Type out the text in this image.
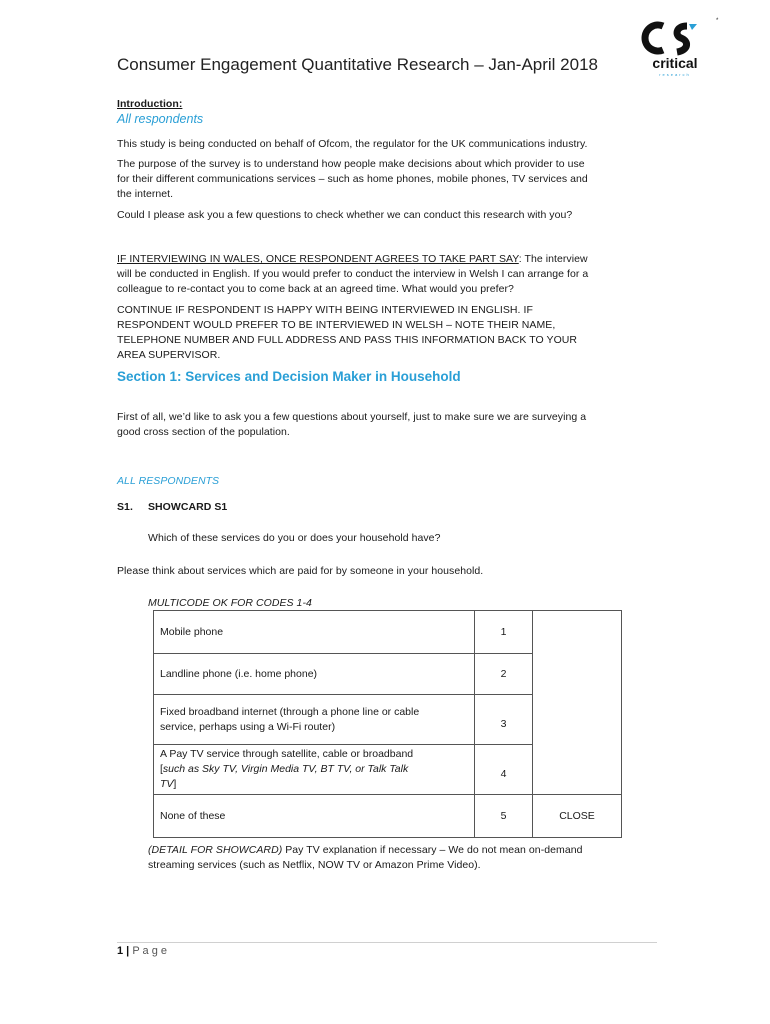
*
critical
research
Consumer Engagement Quantitative Research – Jan-April 2018
Introduction:
All respondents
This study is being conducted on behalf of Ofcom, the regulator for the UK communications industry.
The purpose of the survey is to understand how people make decisions about which provider to use
for their different communications services – such as home phones, mobile phones, TV services and
the internet.
Could I please ask you a few questions to check whether we can conduct this research with you?
IF INTERVIEWING IN WALES, ONCE RESPONDENT AGREES TO TAKE PART SAY: The interview
will be conducted in English. If you would prefer to conduct the interview in Welsh I can arrange for a
colleague to re-contact you to come back at an agreed time. What would you prefer?
CONTINUE IF RESPONDENT IS HAPPY WITH BEING INTERVIEWED IN ENGLISH. IF
RESPONDENT WOULD PREFER TO BE INTERVIEWED IN WELSH – NOTE THEIR NAME,
TELEPHONE NUMBER AND FULL ADDRESS AND PASS THIS INFORMATION BACK TO YOUR
AREA SUPERVISOR.
Section 1: Services and Decision Maker in Household
First of all, we’d like to ask you a few questions about yourself, just to make sure we are surveying a
good cross section of the population.
ALL RESPONDENTS
S1. SHOWCARD S1
Which of these services do you or does your household have?
Please think about services which are paid for by someone in your household.
MULTICODE OK FOR CODES 1-4
Mobile phone	1	
Landline phone (i.e. home phone)	2	

Fixed broadband internet (through a phone line or cable
service, perhaps using a Wi-Fi router)	3	

A Pay TV service through satellite, cable or broadband
[such as Sky TV, Virgin Media TV, BT TV, or Talk Talk
TV]	4	
None of these	5	CLOSE
(DETAIL FOR SHOWCARD) Pay TV explanation if necessary – We do not mean on-demand
streaming services (such as Netflix, NOW TV or Amazon Prime Video).
1 | P a g e
